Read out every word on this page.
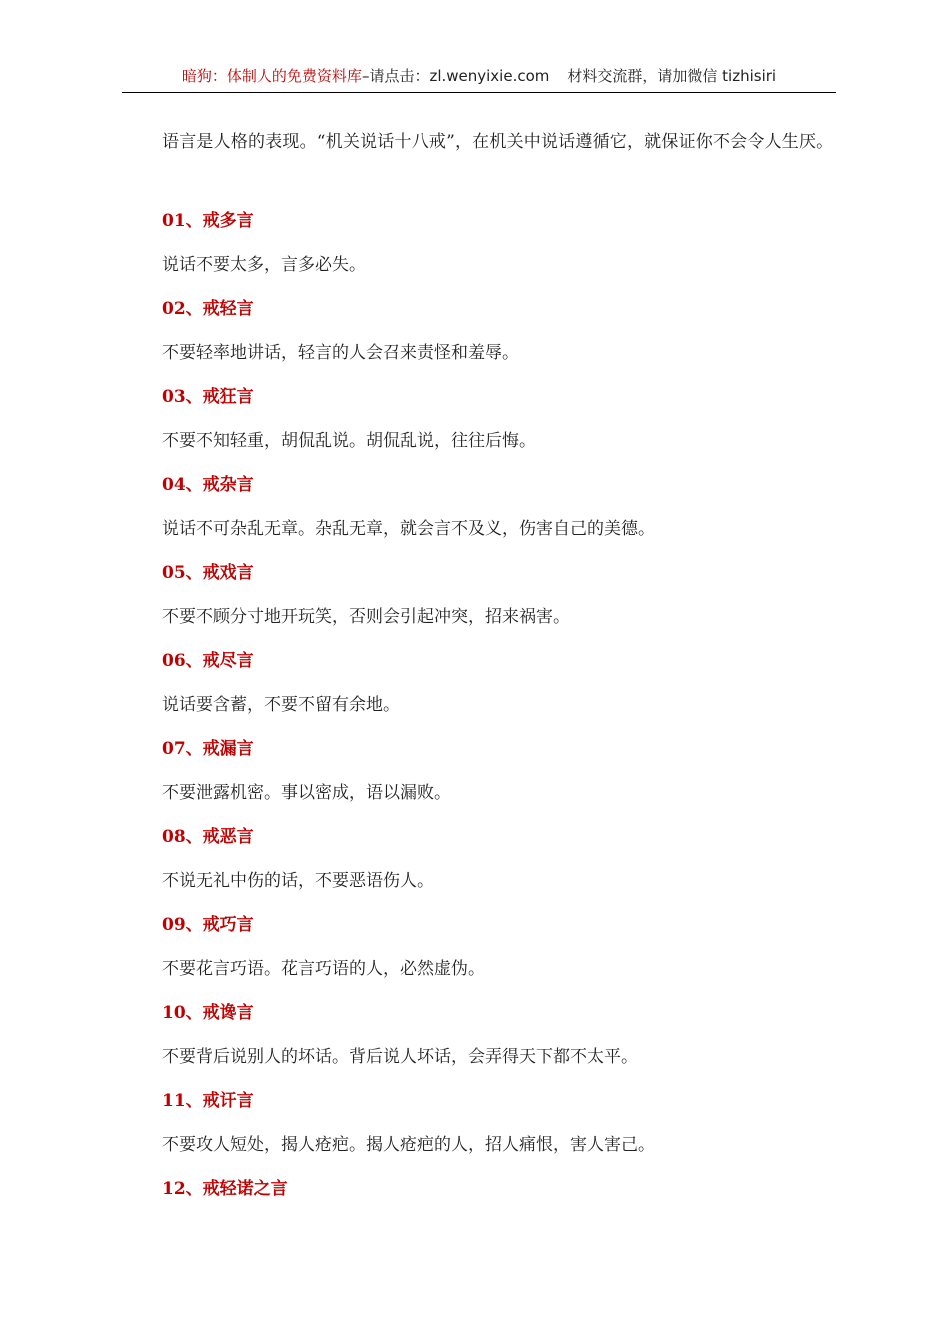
暗狗：体制人的免费资料库–请点击：zl.wenyixie.com 材料交流群，请加微信 tizhisiri

语言是人格的表现。“机关说话十八戒”，在机关中说话遵循它，就保证你不会令人生厌。

01、戒多言

说话不要太多，言多必失。

02、戒轻言

不要轻率地讲话，轻言的人会召来责怪和羞辱。

03、戒狂言

不要不知轻重，胡侃乱说。胡侃乱说，往往后悔。

04、戒杂言

说话不可杂乱无章。杂乱无章，就会言不及义，伤害自己的美德。

05、戒戏言

不要不顾分寸地开玩笑，否则会引起冲突，招来祸害。

06、戒尽言

说话要含蓄，不要不留有余地。

07、戒漏言

不要泄露机密。事以密成，语以漏败。

08、戒恶言

不说无礼中伤的话，不要恶语伤人。

09、戒巧言

不要花言巧语。花言巧语的人，必然虚伪。

10、戒谗言

不要背后说别人的坏话。背后说人坏话，会弄得天下都不太平。

11、戒讦言

不要攻人短处，揭人疮疤。揭人疮疤的人，招人痛恨，害人害己。

12、戒轻诺之言
